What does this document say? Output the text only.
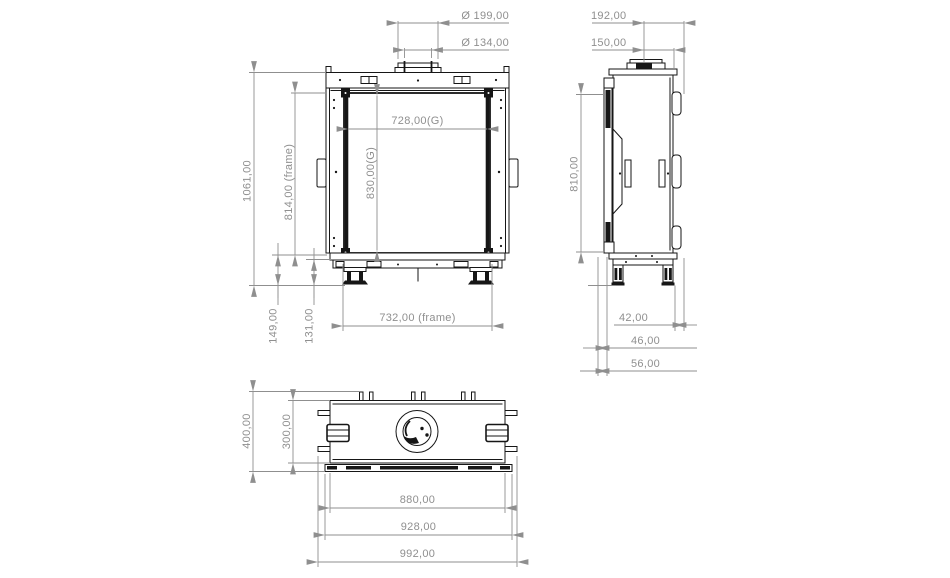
Ø 199,00
Ø 134,00
728,00(G)
830,00(G)
814,00 (frame)
1061,00
149,00 131,00	732,00 (frame)
192,00
150,00
810,00
42,00
46,00
56,00
400,00	300,00
880,00
928,00
992,00
